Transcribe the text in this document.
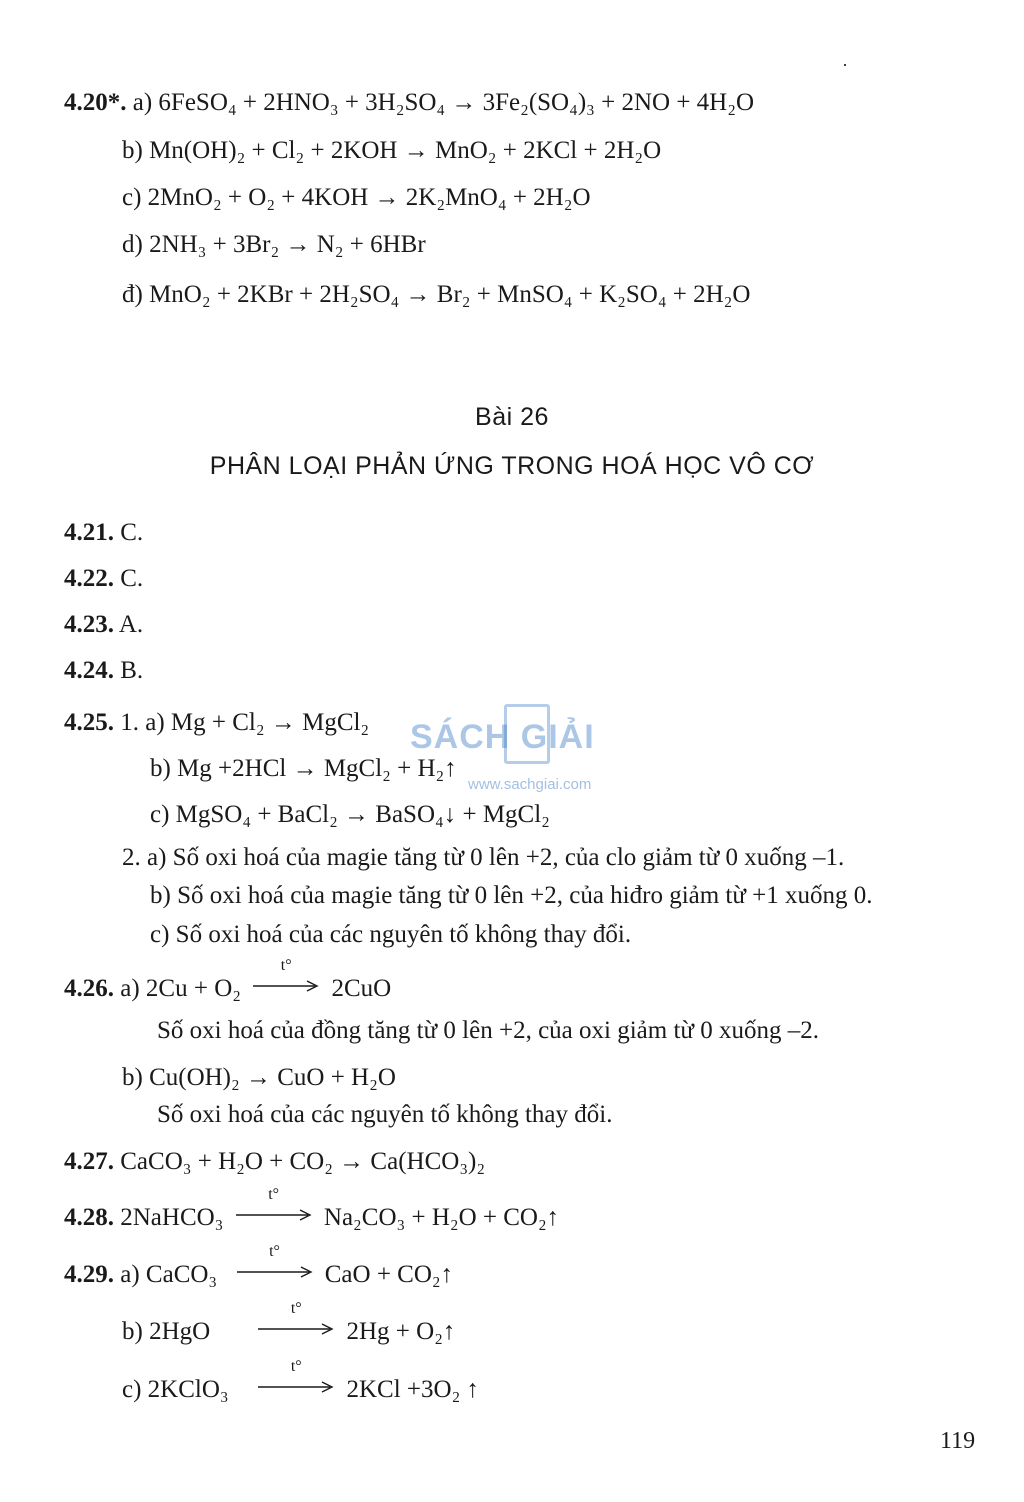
·
4.20*. a) 6FeSO₄ + 2HNO₃ + 3H₂SO₄ → 3Fe₂(SO₄)₃ + 2NO + 4H₂O
b) Mn(OH)₂ + Cl₂ + 2KOH → MnO₂ + 2KCl + 2H₂O
c) 2MnO₂ + O₂ + 4KOH → 2K₂MnO₄ + 2H₂O
d) 2NH₃ + 3Br₂ → N₂ + 6HBr
đ) MnO₂ + 2KBr + 2H₂SO₄ → Br₂ + MnSO₄ + K₂SO₄ + 2H₂O
Bài 26
PHÂN LOẠI PHẢN ỨNG TRONG HOÁ HỌC VÔ CƠ
4.21. C.
4.22. C.
4.23. A.
4.24. B.
4.25. 1. a) Mg + Cl₂ → MgCl₂
b) Mg +2HCl → MgCl₂ + H₂↑
c) MgSO₄ + BaCl₂ → BaSO₄↓ + MgCl₂
2. a) Số oxi hoá của magie tăng từ 0 lên +2, của clo giảm từ 0 xuống –1.
b) Số oxi hoá của magie tăng từ 0 lên +2, của hiđro giảm từ +1 xuống 0.
c) Số oxi hoá của các nguyên tố không thay đổi.
4.26. a) 2Cu + O₂
t°
2CuO
Số oxi hoá của đồng tăng từ 0 lên +2, của oxi giảm từ 0 xuống –2.
b) Cu(OH)₂ → CuO + H₂O
Số oxi hoá của các nguyên tố không thay đổi.
4.27. CaCO₃ + H₂O + CO₂ → Ca(HCO₃)₂
4.28. 2NaHCO₃
t°
Na₂CO₃ + H₂O + CO₂↑
4.29. a) CaCO₃
t°
CaO + CO₂↑
b) 2HgO
t°
2Hg + O₂↑
c) 2KClO₃
t°
2KCl +3O₂ ↑
SÁCH GIẢI
www.sachgiai.com
119
